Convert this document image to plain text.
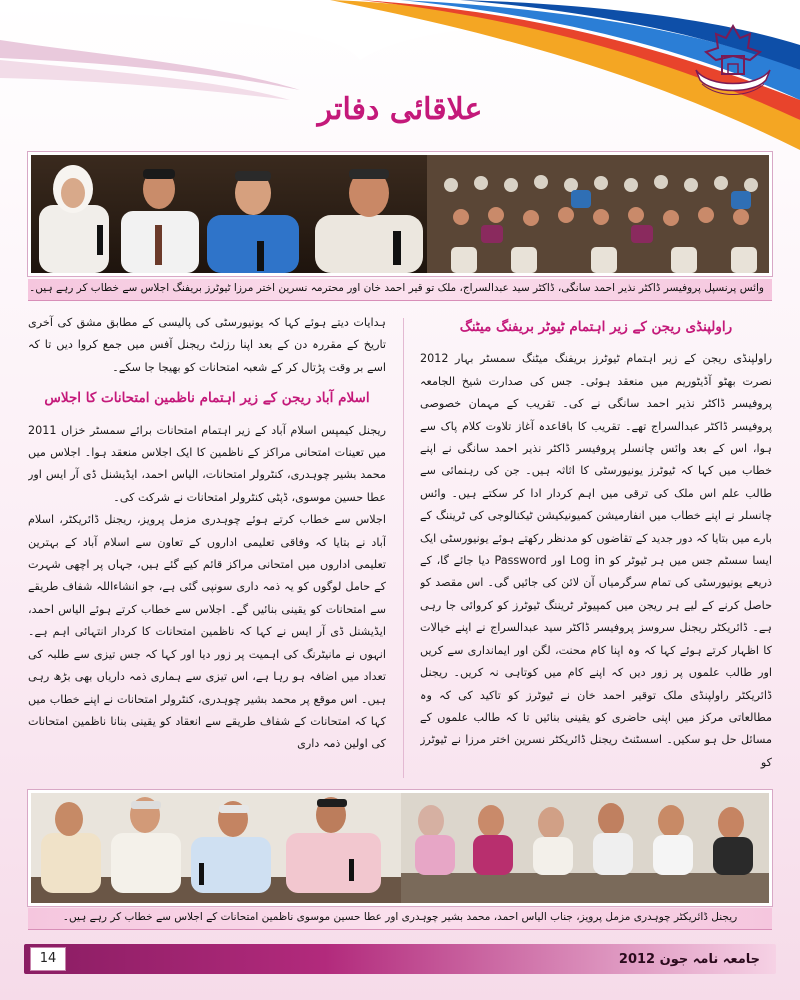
علاقائی دفاتر
وائس پرنسپل پروفیسر ڈاکٹر نذیر احمد سانگی، ڈاکٹر سید عبدالسراج، ملک تو قیر احمد خان اور محترمہ نسرین اختر مرزا ٹیوٹرز بریفنگ اجلاس سے خطاب کر رہے ہیں۔
راولپنڈی ریجن کے زیر اہتمام ٹیوٹر بریفنگ میٹنگ
راولپنڈی ریجن کے زیر اہتمام ٹیوٹرز بریفنگ میٹنگ سمسٹر بہار 2012 نصرت بھٹو آڈیٹوریم میں منعقد ہوئی۔ جس کی صدارت شیخ الجامعہ پروفیسر ڈاکٹر نذیر احمد سانگی نے کی۔ تقریب کے مہمان خصوصی پروفیسر ڈاکٹر عبدالسراج تھے۔ تقریب کا باقاعدہ آغاز تلاوت کلام پاک سے ہوا، اس کے بعد وائس چانسلر پروفیسر ڈاکٹر نذیر احمد سانگی نے اپنے خطاب میں کہا کہ ٹیوٹرز یونیورسٹی کا اثاثہ ہیں۔ جن کی رہنمائی سے طالب علم اس ملک کی ترقی میں اہم کردار ادا کر سکتے ہیں۔ وائس چانسلر نے اپنے خطاب میں انفارمیشن کمیونیکیشن ٹیکنالوجی کی ٹریننگ کے بارے میں بتایا کہ دور جدید کے تقاضوں کو مدنظر رکھتے ہوئے یونیورسٹی ایک ایسا سسٹم جس میں ہر ٹیوٹر کو Log in اور Password دیا جائے گا، کے ذریعے یونیورسٹی کی تمام سرگرمیاں آن لائن کی جائیں گی۔ اس مقصد کو حاصل کرنے کے لیے ہر ریجن میں کمپیوٹر ٹریننگ ٹیوٹرز کو کروائی جا رہی ہے۔ ڈائریکٹر ریجنل سروسز پروفیسر ڈاکٹر سید عبدالسراج نے اپنے خیالات کا اظہار کرتے ہوئے کہا کہ وہ اپنا کام محنت، لگن اور ایمانداری سے کریں اور طالب علموں پر زور دیں کہ اپنے کام میں کوتاہی نہ کریں۔ ریجنل ڈائریکٹر راولپنڈی ملک توقیر احمد خان نے ٹیوٹرز کو تاکید کی کہ وہ مطالعاتی مرکز میں اپنی حاضری کو یقینی بنائیں تا کہ طالب علموں کے مسائل حل ہو سکیں۔ اسسٹنٹ ریجنل ڈائریکٹر نسرین اختر مرزا نے ٹیوٹرز کو
ہدایات دیتے ہوئے کہا کہ یونیورسٹی کی پالیسی کے مطابق مشق کی آخری تاریخ کے مقررہ دن کے بعد اپنا رزلٹ ریجنل آفس میں جمع کروا دیں تا کہ اسے بر وقت پڑتال کر کے شعبہ امتحانات کو بھیجا جا سکے۔
اسلام آباد ریجن کے زیر اہتمام ناظمین امتحانات کا اجلاس
ریجنل کیمپس اسلام آباد کے زیر اہتمام امتحانات برائے سمسٹر خزاں 2011 میں تعینات امتحانی مراکز کے ناظمین کا ایک اجلاس منعقد ہوا۔ اجلاس میں محمد بشیر چوہدری، کنٹرولر امتحانات، الیاس احمد، ایڈیشنل ڈی آر ایس اور عطا حسین موسوی، ڈپٹی کنٹرولر امتحانات نے شرکت کی۔
اجلاس سے خطاب کرتے ہوئے چوہدری مزمل پرویز، ریجنل ڈائریکٹر، اسلام آباد نے بتایا کہ وفاقی تعلیمی اداروں کے تعاون سے اسلام آباد کے بہترین تعلیمی اداروں میں امتحانی مراکز قائم کیے گئے ہیں، جہاں پر اچھی شہرت کے حامل لوگوں کو یہ ذمہ داری سونپی گئی ہے، جو انشاءاللہ شفاف طریقے سے امتحانات کو یقینی بنائیں گے۔ اجلاس سے خطاب کرتے ہوئے الیاس احمد، ایڈیشنل ڈی آر ایس نے کہا کہ ناظمین امتحانات کا کردار انتہائی اہم ہے۔ انہوں نے مانیٹرنگ کی اہمیت پر زور دیا اور کہا کہ جس تیزی سے طلبہ کی تعداد میں اضافہ ہو رہا ہے، اس تیزی سے ہماری ذمہ داریاں بھی بڑھ رہی ہیں۔ اس موقع پر محمد بشیر چوہدری، کنٹرولر امتحانات نے اپنے خطاب میں کہا کہ امتحانات کے شفاف طریقے سے انعقاد کو یقینی بنانا ناظمین امتحانات کی اولین ذمہ داری
ریجنل ڈائریکٹر چوہدری مزمل پرویز، جناب الیاس احمد، محمد بشیر چوہدری اور عطا حسین موسوی ناظمین امتحانات کے اجلاس سے خطاب کر رہے ہیں۔
14	جامعہ نامہ جون 2012
